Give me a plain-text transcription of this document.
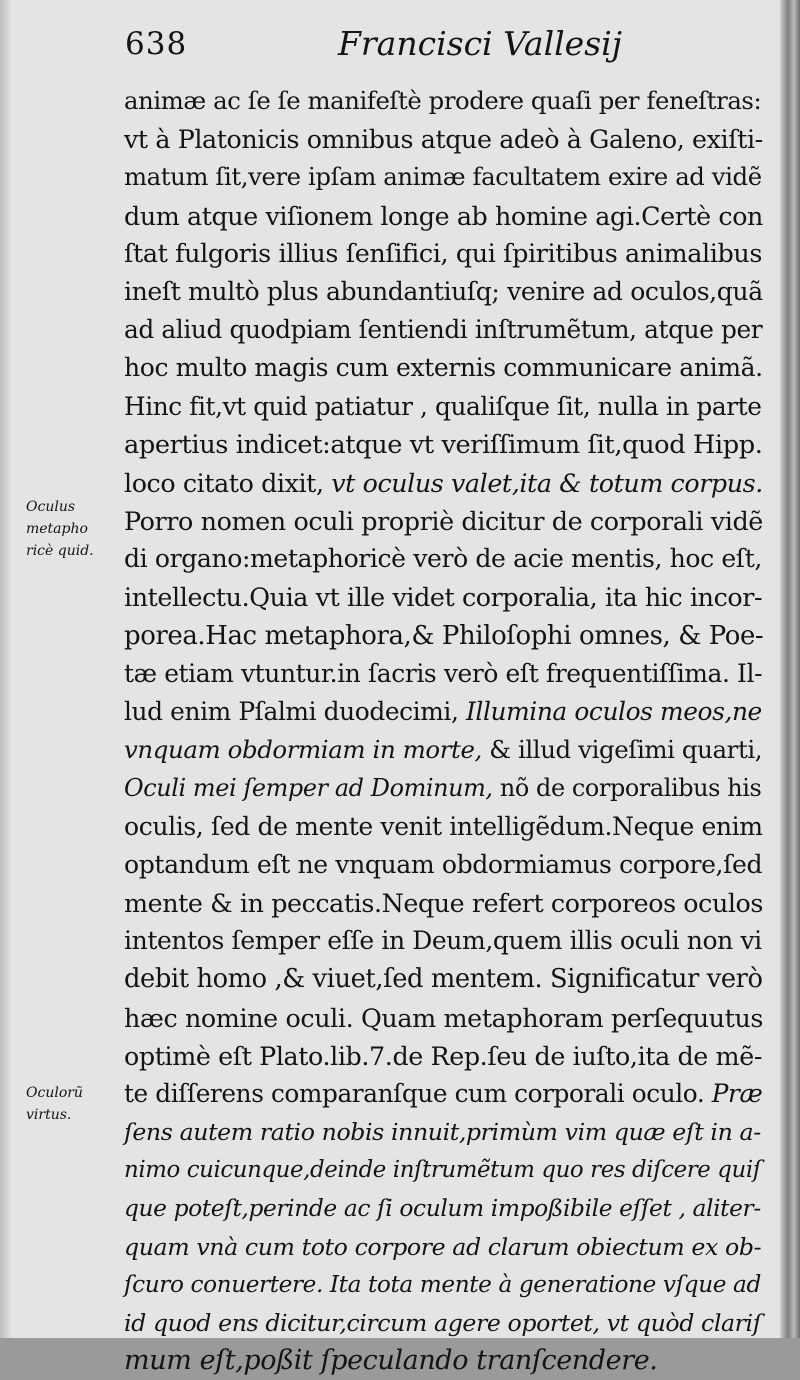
638	Francisci Vallesij
Oculus
metapho
ricè quid.
Oculorũ
virtus.
animæ ac ſe ſe manifeſtè prodere quaſi per feneſtras:
vt à Platonicis omnibus atque adeò à Galeno, exiſti-
matum ſit,vere ipſam animæ facultatem exire ad vidẽ
dum atque viſionem longe ab homine agi.Certè con
ſtat fulgoris illius ſenſifici, qui ſpiritibus animalibus
ineſt multò plus abundantiuſq; venire ad oculos,quã
ad aliud quodpiam ſentiendi inſtrumẽtum, atque per
hoc multo magis cum externis communicare animã.
Hinc fit,vt quid patiatur , qualiſque ſit, nulla in parte
apertius indicet:atque vt veriſſimum ſit,quod Hipp.
loco citato dixit, vt oculus valet,ita & totum corpus.
Porro nomen oculi propriè dicitur de corporali vidẽ
di organo:metaphoricè verò de acie mentis, hoc eſt,
intellectu.Quia vt ille videt corporalia, ita hic incor-
porea.Hac metaphora,& Philoſophi omnes, & Poe-
tæ etiam vtuntur.in ſacris verò eſt frequentiſſima. Il-
lud enim Pſalmi duodecimi, Illumina oculos meos,ne
vnquam obdormiam in morte, & illud vigeſimi quarti,
Oculi mei ſemper ad Dominum, nõ de corporalibus his
oculis, ſed de mente venit intelligẽdum.Neque enim
optandum eſt ne vnquam obdormiamus corpore,ſed
mente & in peccatis.Neque refert corporeos oculos
intentos ſemper eſſe in Deum,quem illis oculi non vi
debit homo ,& viuet,ſed mentem. Significatur verò
hæc nomine oculi. Quam metaphoram perſequutus
optimè eſt Plato.lib.7.de Rep.ſeu de iuſto,ita de mẽ-
te diſſerens comparanſque cum corporali oculo. Præ
ſens autem ratio nobis innuit,primùm vim quæ eſt in a-
nimo cuicunque,deinde inſtrumẽtum quo res diſcere quiſ
que poteſt,perinde ac ſi oculum impoßibile eſſet , aliter-
quam vnà cum toto corpore ad clarum obiectum ex ob-
ſcuro conuertere. Ita tota mente à generatione vſque ad
id quod ens dicitur,circum agere oportet, vt quòd clariſ
mum eſt,poßit ſpeculando tranſcendere.
